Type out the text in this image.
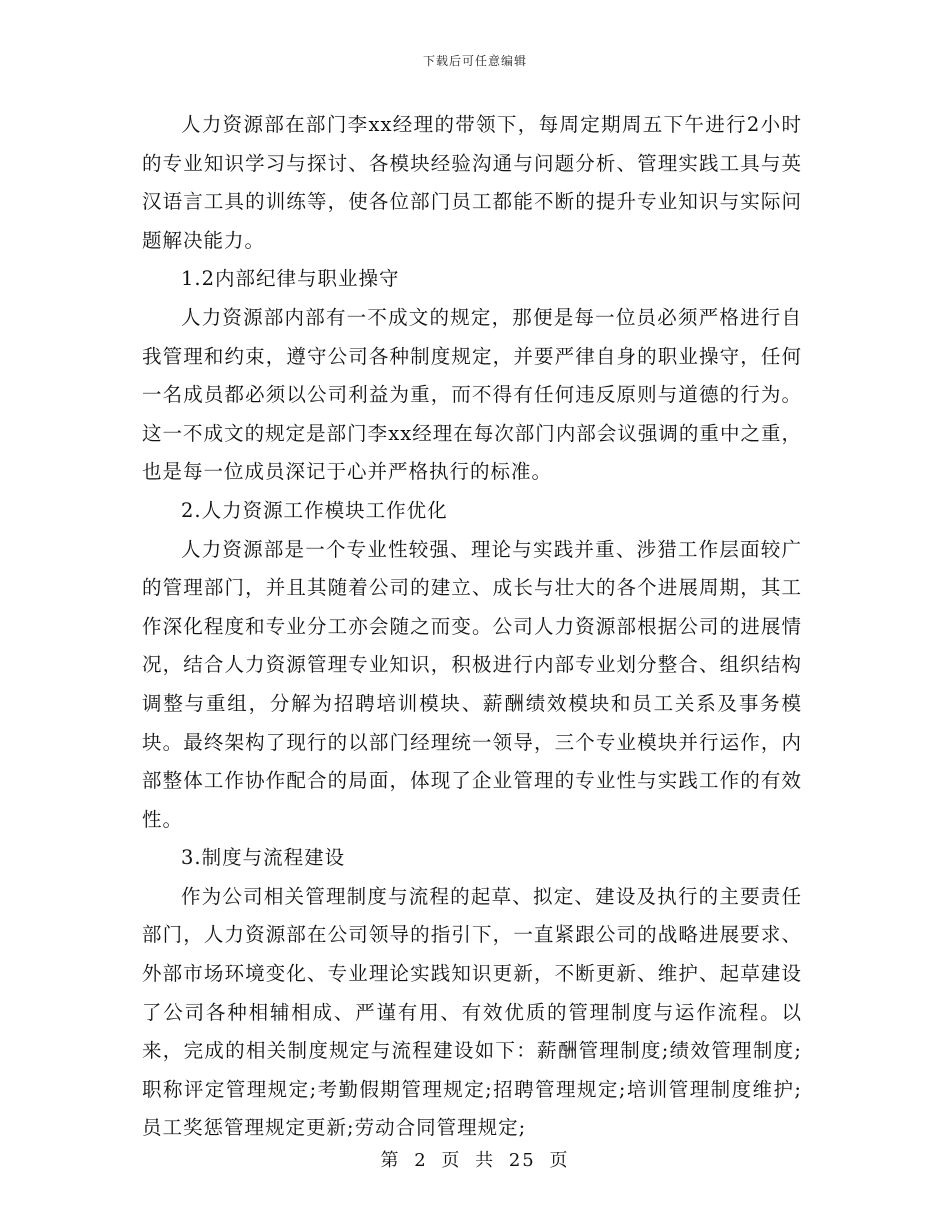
下载后可任意编辑

人力资源部在部门李xx经理的带领下，每周定期周五下午进行2小时的专业知识学习与探讨、各模块经验沟通与问题分析、管理实践工具与英汉语言工具的训练等，使各位部门员工都能不断的提升专业知识与实际问题解决能力。

1.2内部纪律与职业操守

人力资源部内部有一不成文的规定，那便是每一位员必须严格进行自我管理和约束，遵守公司各种制度规定，并要严律自身的职业操守，任何一名成员都必须以公司利益为重，而不得有任何违反原则与道德的行为。这一不成文的规定是部门李xx经理在每次部门内部会议强调的重中之重，也是每一位成员深记于心并严格执行的标准。

2.人力资源工作模块工作优化

人力资源部是一个专业性较强、理论与实践并重、涉猎工作层面较广的管理部门，并且其随着公司的建立、成长与壮大的各个进展周期，其工作深化程度和专业分工亦会随之而变。公司人力资源部根据公司的进展情况，结合人力资源管理专业知识，积极进行内部专业划分整合、组织结构调整与重组，分解为招聘培训模块、薪酬绩效模块和员工关系及事务模块。最终架构了现行的以部门经理统一领导，三个专业模块并行运作，内部整体工作协作配合的局面，体现了企业管理的专业性与实践工作的有效性。

3.制度与流程建设

作为公司相关管理制度与流程的起草、拟定、建设及执行的主要责任部门，人力资源部在公司领导的指引下，一直紧跟公司的战略进展要求、外部市场环境变化、专业理论实践知识更新，不断更新、维护、起草建设了公司各种相辅相成、严谨有用、有效优质的管理制度与运作流程。以来，完成的相关制度规定与流程建设如下：薪酬管理制度;绩效管理制度;职称评定管理规定;考勤假期管理规定;招聘管理规定;培训管理制度维护;员工奖惩管理规定更新;劳动合同管理规定;

第 2 页 共 25 页
